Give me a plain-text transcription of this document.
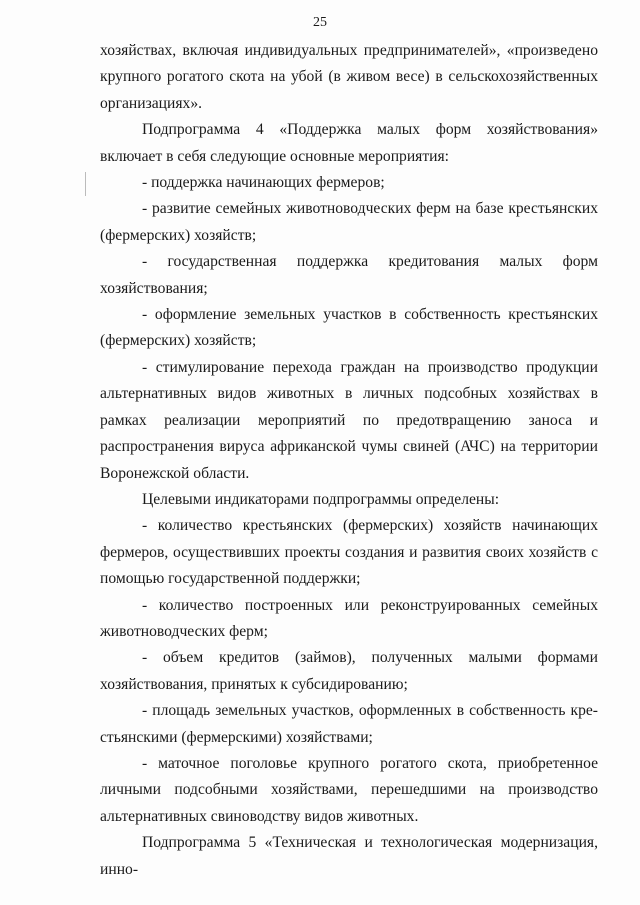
25

хозяйствах, включая индивидуальных предпринимателей», «произведено крупного рогатого скота на убой (в живом весе) в сельскохозяйственных организациях».

Подпрограмма 4 «Поддержка малых форм хозяйствования» включает в себя следующие основные мероприятия:

- поддержка начинающих фермеров;

- развитие семейных животноводческих ферм на базе крестьянских (фермерских) хозяйств;

- государственная поддержка кредитования малых форм хозяйствования;

- оформление земельных участков в собственность крестьянских (фермерских) хозяйств;

- стимулирование перехода граждан на производство продукции альтернативных видов животных в личных подсобных хозяйствах в рамках реализации мероприятий по предотвращению заноса и распространения вируса африканской чумы свиней (АЧС) на территории Воронежской области.

Целевыми индикаторами подпрограммы определены:

- количество крестьянских (фермерских) хозяйств начинающих фермеров, осуществивших проекты создания и развития своих хозяйств с помощью государственной поддержки;

- количество построенных или реконструированных семейных животноводческих ферм;

- объем кредитов (займов), полученных малыми формами хозяйствования, принятых к субсидированию;

- площадь земельных участков, оформленных в собственность крестьянскими (фермерскими) хозяйствами;

- маточное поголовье крупного рогатого скота, приобретенное личными подсобными хозяйствами, перешедшими на производство альтернативных свиноводству видов животных.

Подпрограмма 5 «Техническая и технологическая модернизация, инно-
